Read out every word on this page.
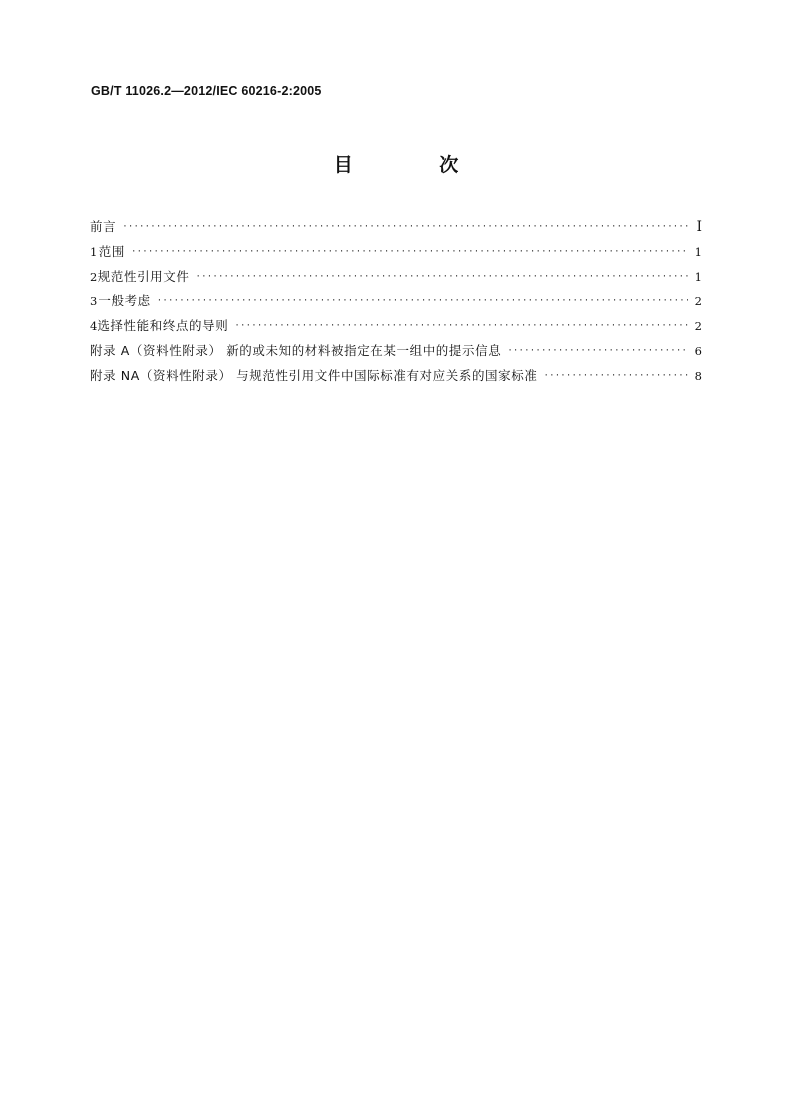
GB/T 11026.2—2012/IEC 60216-2:2005
目 次
前言 ·····	Ⅰ
1 范围 ·····	1
2 规范性引用文件 ·····	1
3 一般考虑 ·····	2
4 选择性能和终点的导则 ·····	2
附录 A（资料性附录） 新的或未知的材料被指定在某一组中的提示信息 ·····	6
附录 NA（资料性附录） 与规范性引用文件中国际标准有对应关系的国家标准 ·····	8
